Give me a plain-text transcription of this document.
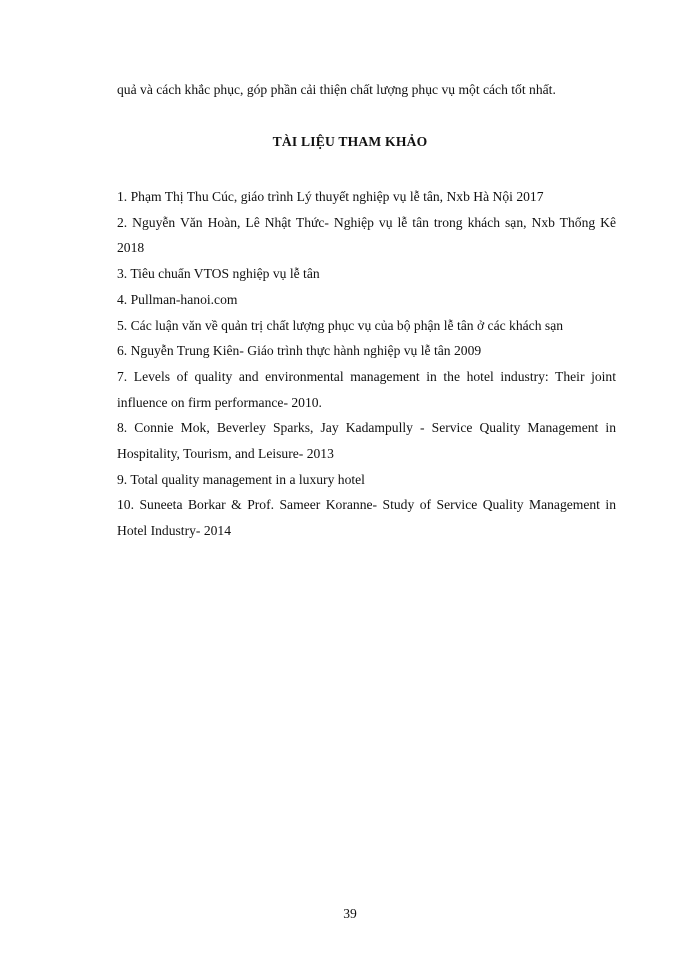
quả và cách khắc phục, góp phần cải thiện chất lượng phục vụ một cách tốt nhất.
TÀI LIỆU THAM KHẢO
1. Phạm Thị Thu Cúc, giáo trình Lý thuyết nghiệp vụ lễ tân, Nxb Hà Nội 2017
2. Nguyễn Văn Hoàn, Lê Nhật Thức- Nghiệp vụ lễ tân trong khách sạn, Nxb Thống Kê 2018
3. Tiêu chuẩn VTOS nghiệp vụ lễ tân
4. Pullman-hanoi.com
5. Các luận văn về quản trị chất lượng phục vụ của bộ phận lễ tân ở các khách sạn
6. Nguyễn Trung Kiên- Giáo trình thực hành nghiệp vụ lễ tân 2009
7. Levels of quality and environmental management in the hotel industry: Their joint influence on firm performance- 2010.
8. Connie Mok, Beverley Sparks, Jay Kadampully - Service Quality Management in Hospitality, Tourism, and Leisure- 2013
9. Total quality management in a luxury hotel
10. Suneeta Borkar & Prof. Sameer Koranne- Study of Service Quality Management in Hotel Industry- 2014
39
